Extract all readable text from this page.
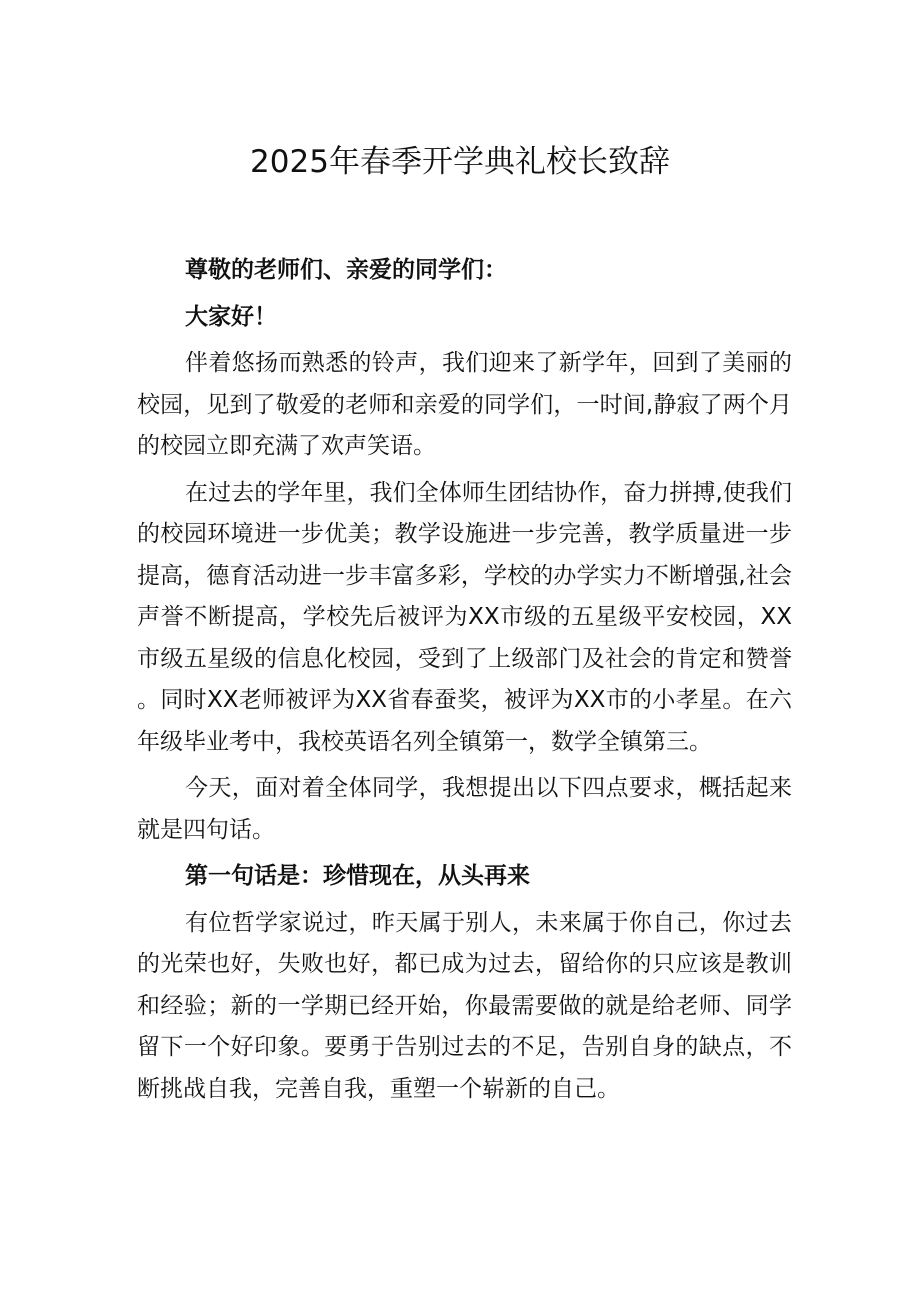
2025年春季开学典礼校长致辞

尊敬的老师们、亲爱的同学们：

大家好！

伴着悠扬而熟悉的铃声，我们迎来了新学年，回到了美丽的校园，见到了敬爱的老师和亲爱的同学们，一时间,静寂了两个月的校园立即充满了欢声笑语。

在过去的学年里，我们全体师生团结协作，奋力拼搏,使我们的校园环境进一步优美；教学设施进一步完善，教学质量进一步提高，德育活动进一步丰富多彩，学校的办学实力不断增强,社会声誉不断提高，学校先后被评为XX市级的五星级平安校园，XX市级五星级的信息化校园，受到了上级部门及社会的肯定和赞誉。同时XX老师被评为XX省春蚕奖，被评为XX市的小孝星。在六年级毕业考中，我校英语名列全镇第一，数学全镇第三。

今天，面对着全体同学，我想提出以下四点要求，概括起来就是四句话。

第一句话是：珍惜现在，从头再来

有位哲学家说过，昨天属于别人，未来属于你自己，你过去的光荣也好，失败也好，都已成为过去，留给你的只应该是教训和经验；新的一学期已经开始，你最需要做的就是给老师、同学留下一个好印象。要勇于告别过去的不足，告别自身的缺点，不断挑战自我，完善自我，重塑一个崭新的自己。
